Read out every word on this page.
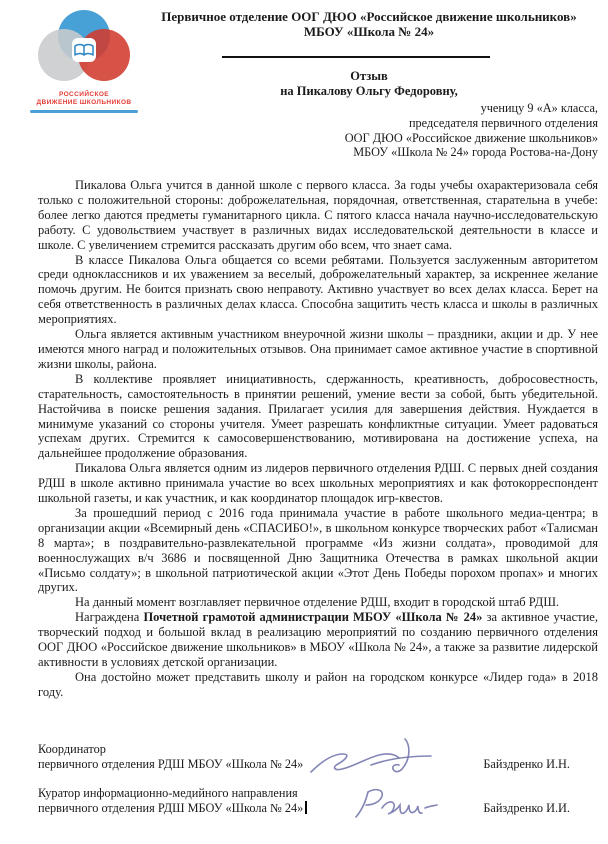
РОССИЙСКОЕ
ДВИЖЕНИЕ ШКОЛЬНИКОВ
Первичное отделение ООГ ДЮО «Российское движение школьников»
МБОУ «Школа № 24»
Отзыв
на Пикалову Ольгу Федоровну,
ученицу 9 «А» класса,
председателя первичного отделения
ООГ ДЮО «Российское движение школьников»
МБОУ «Школа № 24» города Ростова-на-Дону

Пикалова Ольга учится в данной школе с первого класса. За годы учебы охарактеризовала себя только с положительной стороны: доброжелательная, порядочная, ответственная, старательна в учебе: более легко даются предметы гуманитарного цикла. С пятого класса начала научно-исследовательскую работу. С удовольствием участвует в различных видах исследовательской деятельности в классе и школе. С увеличением стремится рассказать другим обо всем, что знает сама.

В классе Пикалова Ольга общается со всеми ребятами. Пользуется заслуженным авторитетом среди одноклассников и их уважением за веселый, доброжелательный характер, за искреннее желание помочь другим. Не боится признать свою неправоту. Активно участвует во всех делах класса. Берет на себя ответственность в различных делах класса. Способна защитить честь класса и школы в различных мероприятиях.

Ольга является активным участником внеурочной жизни школы – праздники, акции и др. У нее имеются много наград и положительных отзывов. Она принимает самое активное участие в спортивной жизни школы, района.

В коллективе проявляет инициативность, сдержанность, креативность, добросовестность, старательность, самостоятельность в принятии решений, умение вести за собой, быть убедительной. Настойчива в поиске решения задания. Прилагает усилия для завершения действия. Нуждается в минимуме указаний со стороны учителя. Умеет разрешать конфликтные ситуации. Умеет радоваться успехам других. Стремится к самосовершенствованию, мотивирована на достижение успеха, на дальнейшее продолжение образования.

Пикалова Ольга является одним из лидеров первичного отделения РДШ. С первых дней создания РДШ в школе активно принимала участие во всех школьных мероприятиях и как фотокорреспондент школьной газеты, и как участник, и как координатор площадок игр-квестов.

За прошедший период с 2016 года принимала участие в работе школьного медиа-центра; в организации акции «Всемирный день «СПАСИБО!», в школьном конкурсе творческих работ «Талисман 8 марта»; в поздравительно-развлекательной программе «Из жизни солдата», проводимой для военнослужащих в/ч 3686 и посвященной Дню Защитника Отечества в рамках школьной акции «Письмо солдату»; в школьной патриотической акции «Этот День Победы порохом пропах» и многих других.

На данный момент возглавляет первичное отделение РДШ, входит в городской штаб РДШ.

Награждена Почетной грамотой администрации МБОУ «Школа № 24» за активное участие, творческий подход и большой вклад в реализацию мероприятий по созданию первичного отделения ООГ ДЮО «Российское движение школьников» в МБОУ «Школа № 24», а также за развитие лидерской активности в условиях детской организации.

Она достойно может представить школу и район на городском конкурсе «Лидер года» в 2018 году.

Координатор
первичного отделения РДШ МБОУ «Школа № 24»	Байздренко И.Н.
Куратор информационно-медийного направления
первичного отделения РДШ МБОУ «Школа № 24»	Байздренко И.И.
